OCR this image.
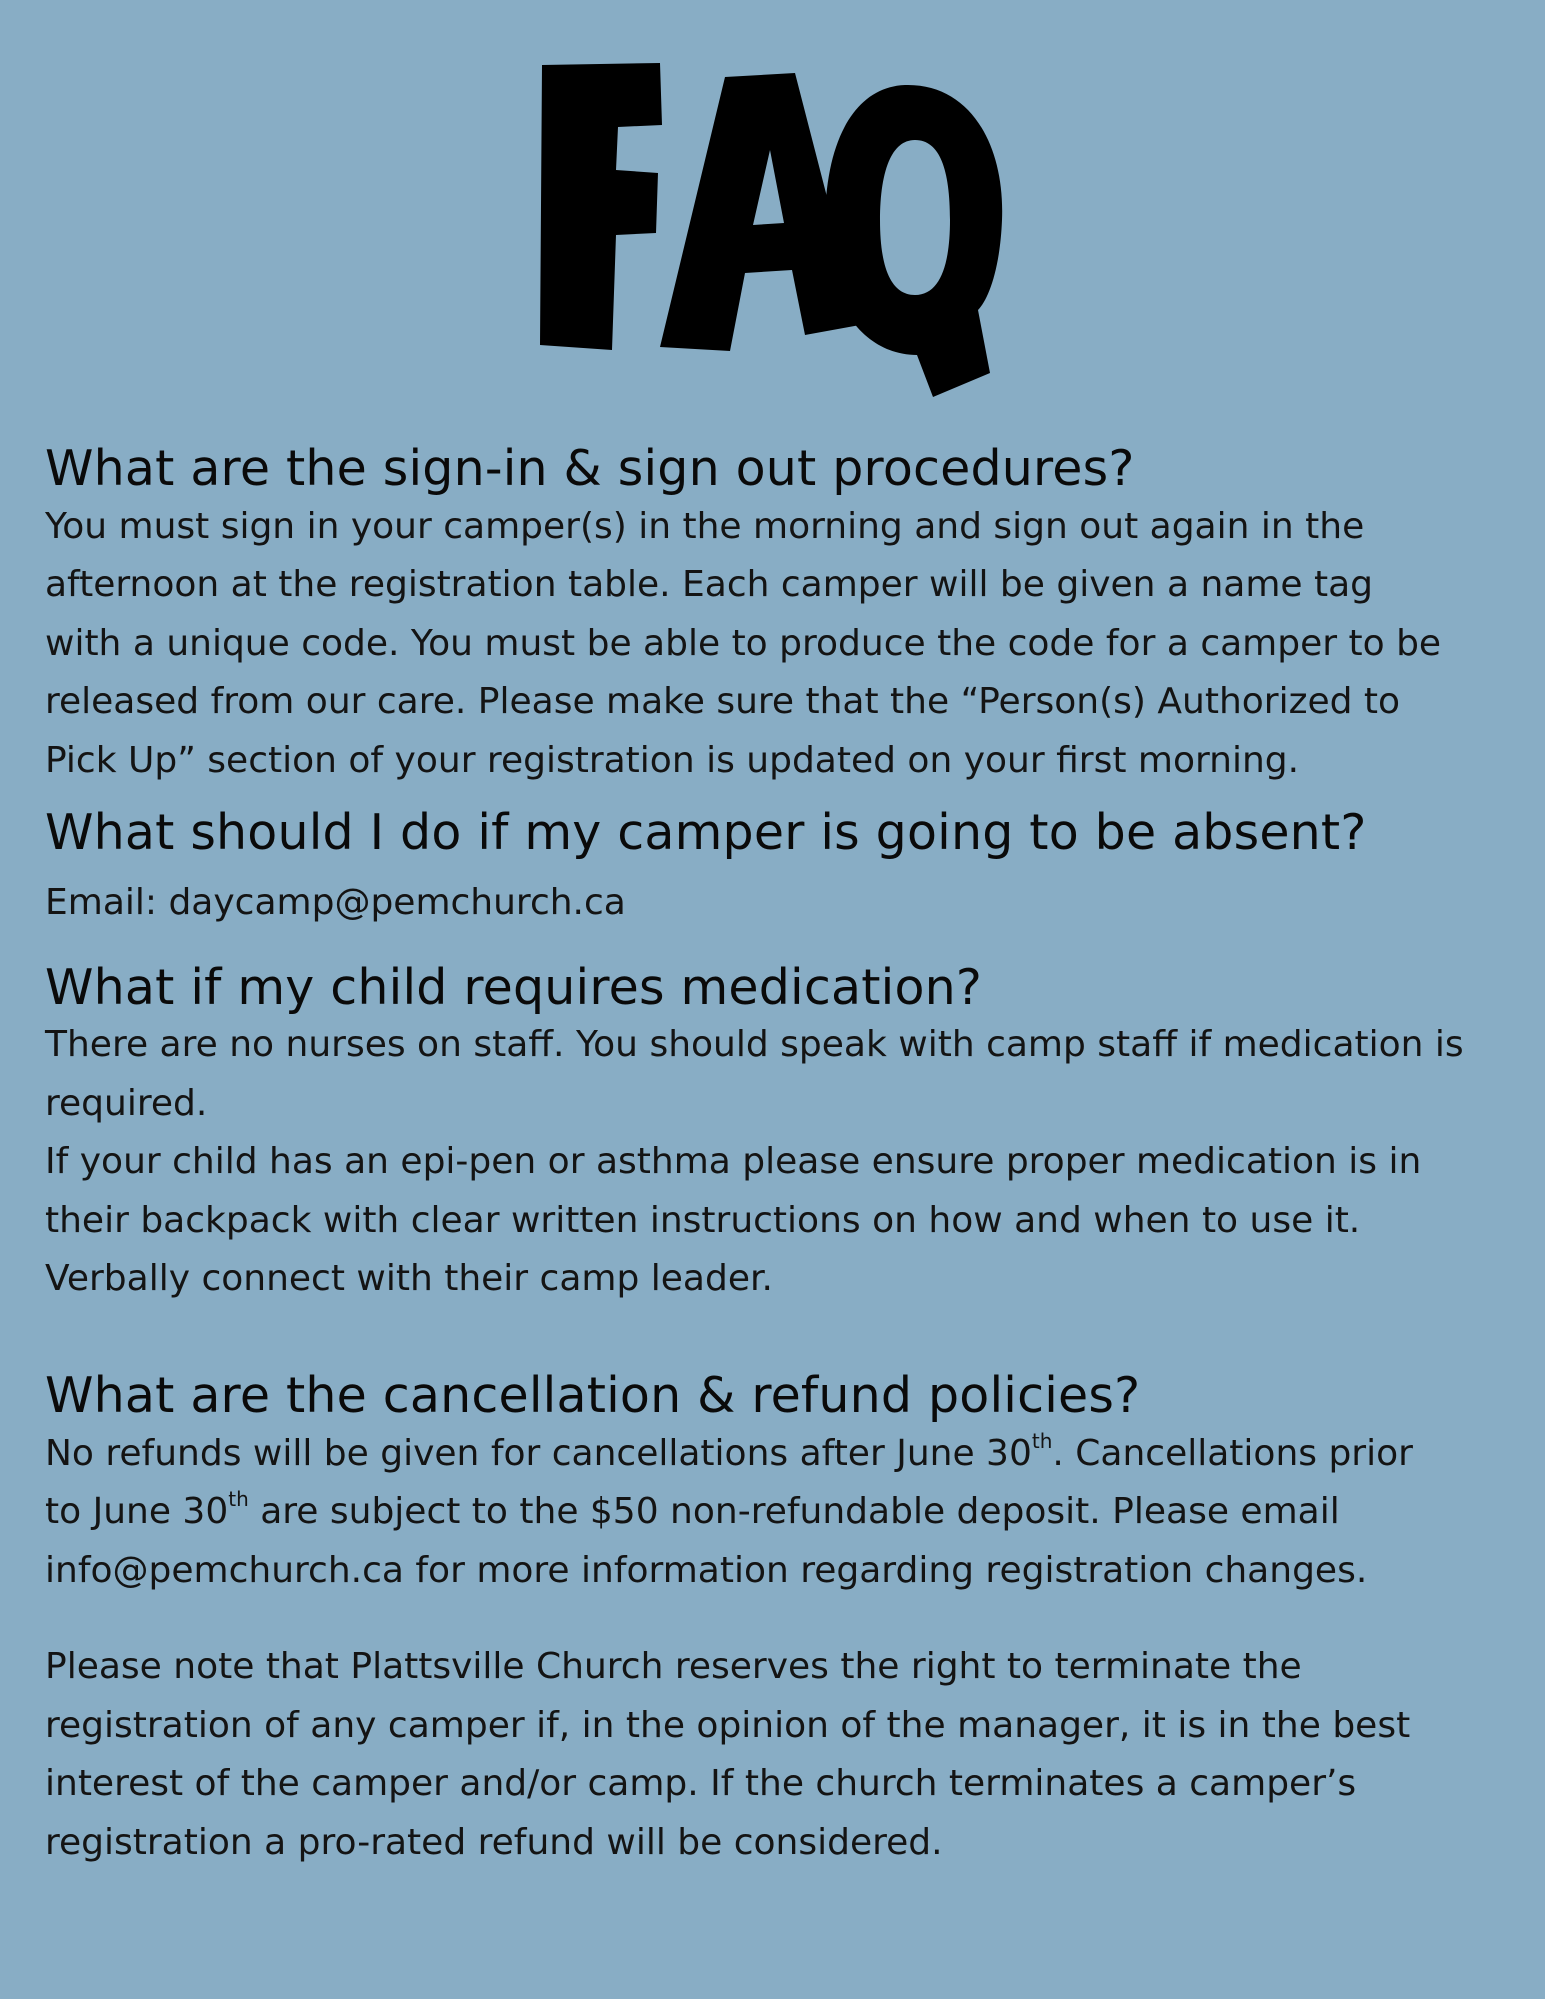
What are the sign-in & sign out procedures?

You must sign in your camper(s) in the morning and sign out again in the

afternoon at the registration table. Each camper will be given a name tag

with a unique code. You must be able to produce the code for a camper to be

released from our care. Please make sure that the “Person(s) Authorized to

Pick Up” section of your registration is updated on your first morning.

What should I do if my camper is going to be absent?

Email: daycamp@pemchurch.ca

What if my child requires medication?

There are no nurses on staff. You should speak with camp staff if medication is

required.

If your child has an epi-pen or asthma please ensure proper medication is in

their backpack with clear written instructions on how and when to use it.

Verbally connect with their camp leader.

What are the cancellation & refund policies?

No refunds will be given for cancellations after June 30th. Cancellations prior

to June 30th are subject to the $50 non-refundable deposit. Please email

info@pemchurch.ca for more information regarding registration changes.

Please note that Plattsville Church reserves the right to terminate the

registration of any camper if, in the opinion of the manager, it is in the best

interest of the camper and/or camp. If the church terminates a camper’s

registration a pro-rated refund will be considered.
